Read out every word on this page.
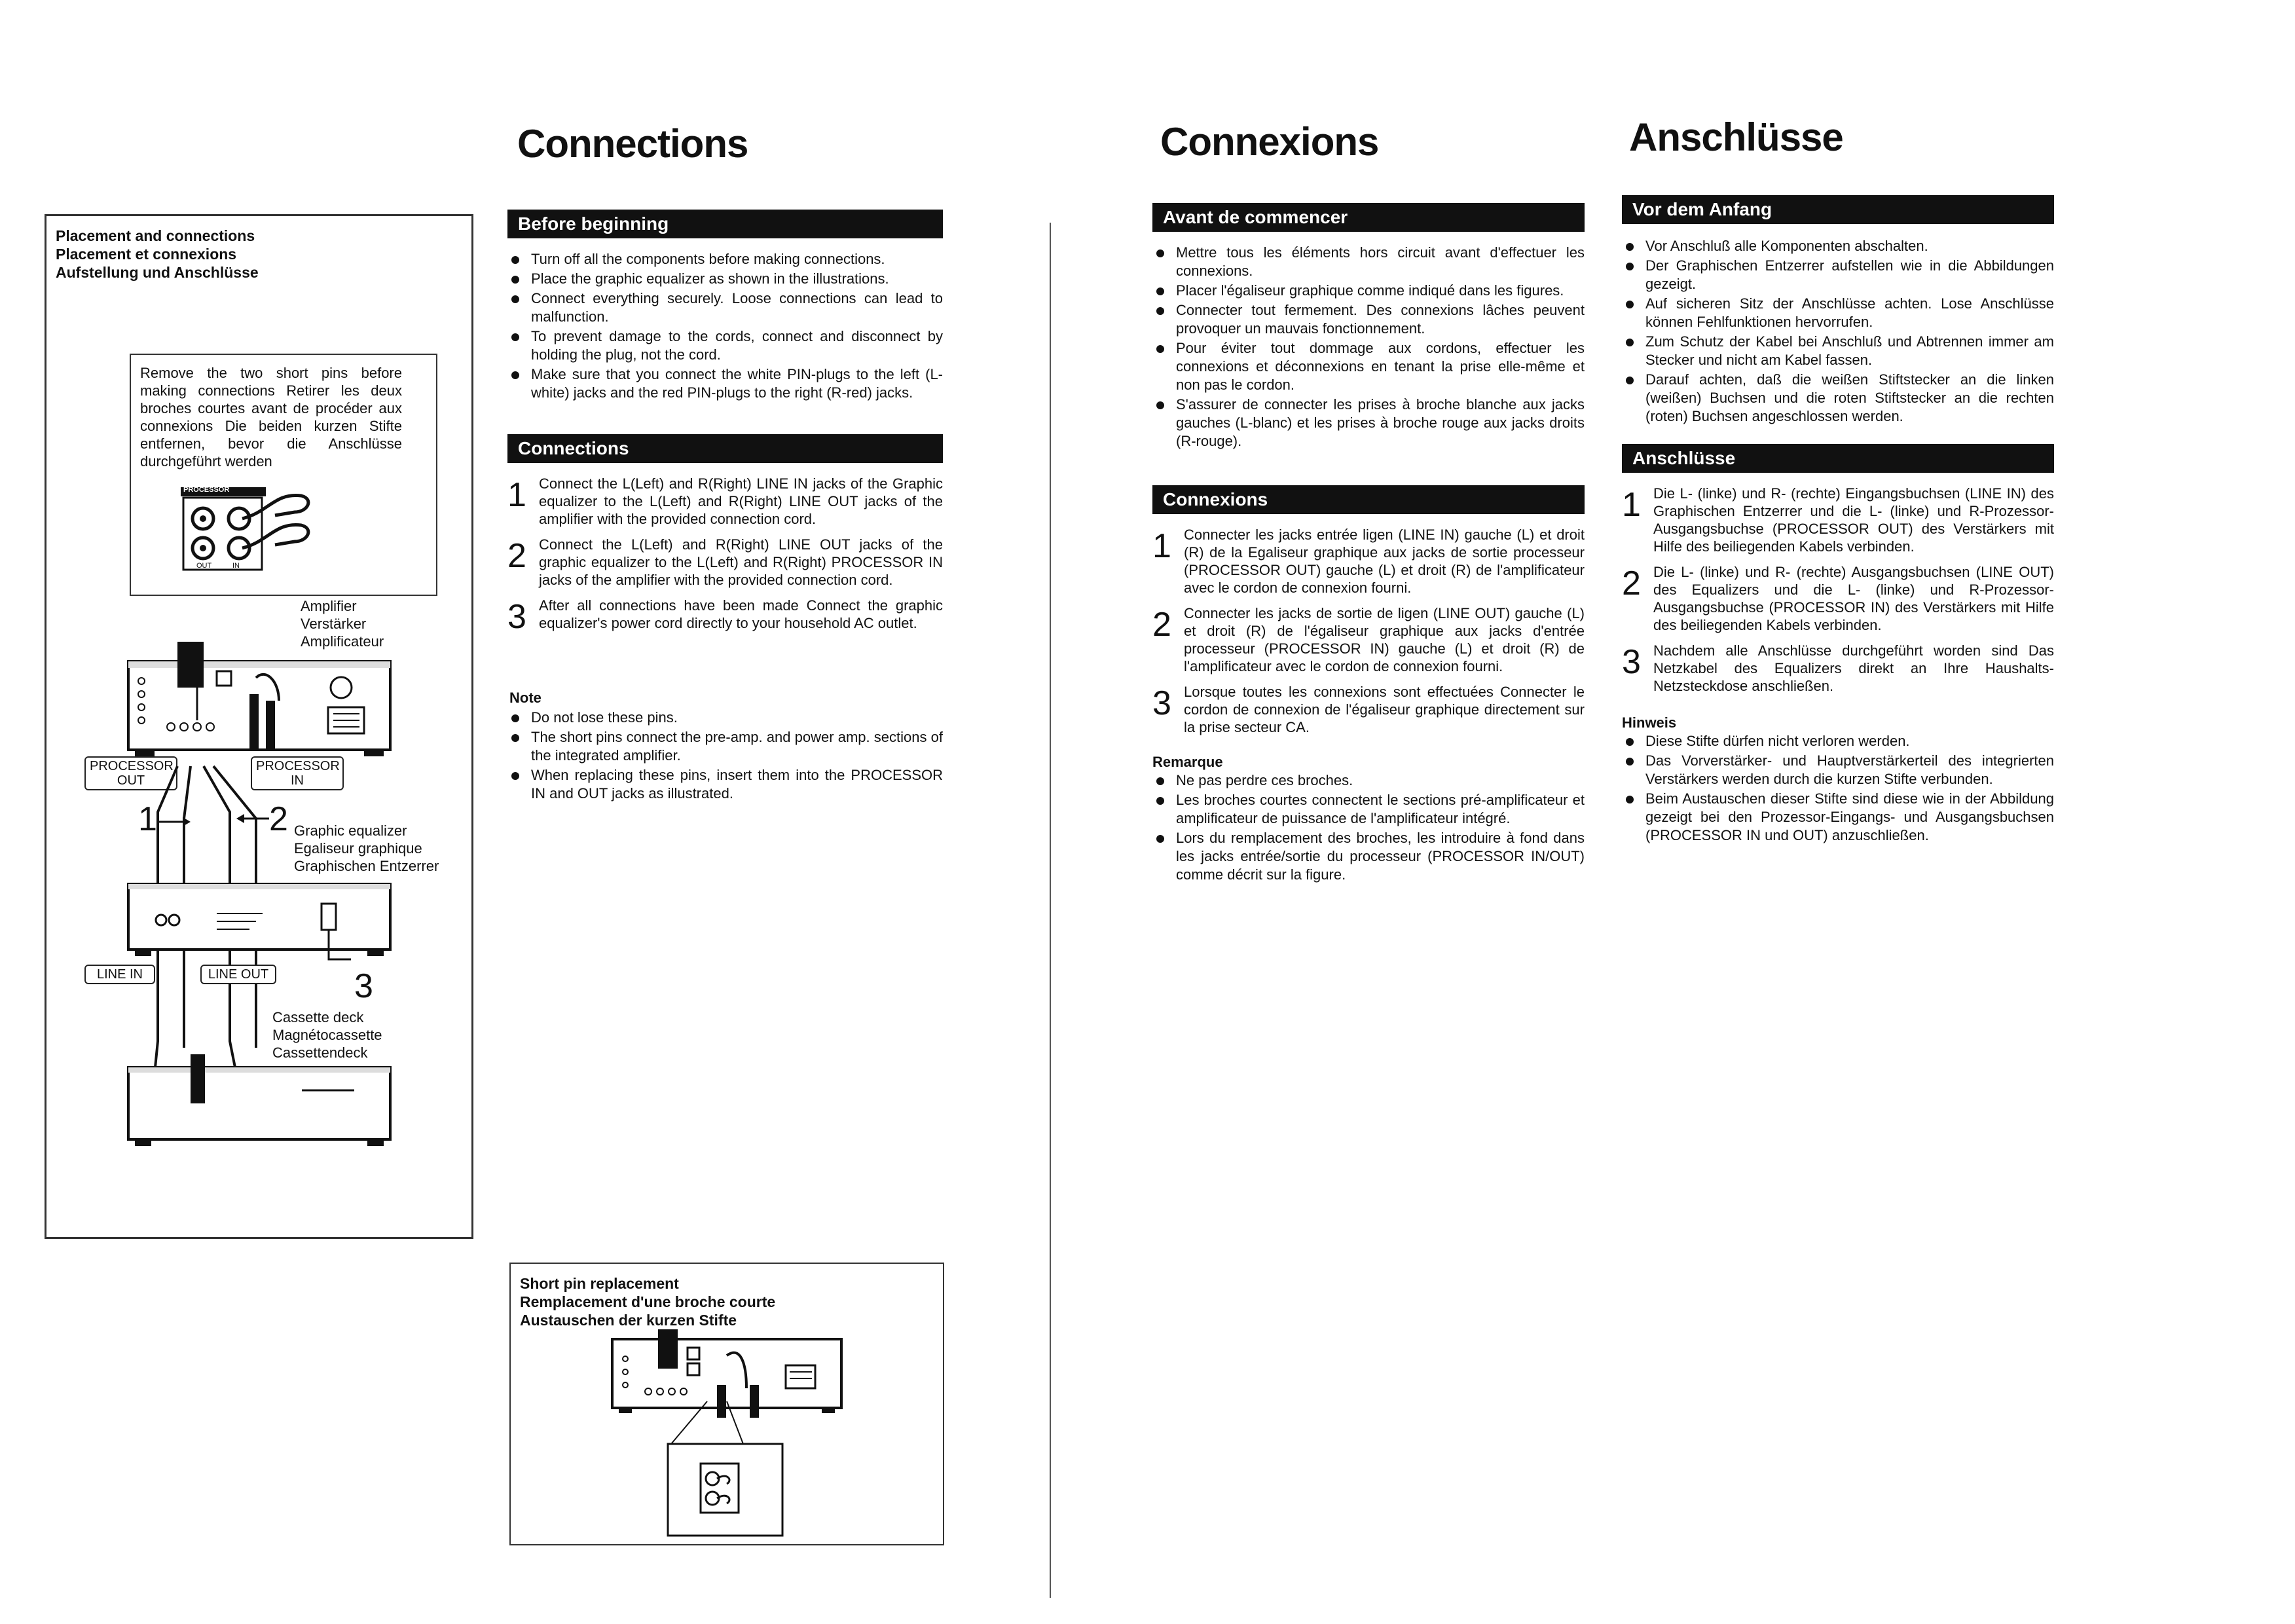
Placement and connections
Placement et connexions
Aufstellung und Anschlüsse
Remove the two short pins before making connections Retirer les deux broches courtes avant de procéder aux connexions Die beiden kurzen Stifte entfernen, bevor die Anschlüsse durchgeführt werden
PROCESSOR
OUT	IN
Amplifier
Verstärker
Amplificateur
PROCESSOR
OUT
PROCESSOR
IN
1	2 Graphic equalizer
Egaliseur graphique
Graphischen Entzerrer
LINE IN	LINE OUT	3
Cassette deck
Magnétocassette
Cassettendeck
Connections
Before beginning
Turn off all the components before making connections.
Place the graphic equalizer as shown in the illustrations.
Connect everything securely. Loose connections can lead to malfunction.
To prevent damage to the cords, connect and disconnect by holding the plug, not the cord.
Make sure that you connect the white PIN-plugs to the left (L-white) jacks and the red PIN-plugs to the right (R-red) jacks.
Connections
1 Connect the L(Left) and R(Right) LINE IN jacks of the Graphic equalizer to the L(Left) and R(Right) LINE OUT jacks of the amplifier with the provided connection cord.
2 Connect the L(Left) and R(Right) LINE OUT jacks of the graphic equalizer to the L(Left) and R(Right) PROCESSOR IN jacks of the amplifier with the provided connection cord.
3 After all connections have been made Connect the graphic equalizer's power cord directly to your household AC outlet.
Note
Do not lose these pins.
The short pins connect the pre-amp. and power amp. sections of the integrated amplifier.
When replacing these pins, insert them into the PROCESSOR IN and OUT jacks as illustrated.
Short pin replacement
Remplacement d'une broche courte
Austauschen der kurzen Stifte
Connexions
Avant de commencer
Mettre tous les éléments hors circuit avant d'effectuer les connexions.
Placer l'égaliseur graphique comme indiqué dans les figures.
Connecter tout fermement. Des connexions lâches peuvent provoquer un mauvais fonctionnement.
Pour éviter tout dommage aux cordons, effectuer les connexions et déconnexions en tenant la prise elle-même et non pas le cordon.
S'assurer de connecter les prises à broche blanche aux jacks gauches (L-blanc) et les prises à broche rouge aux jacks droits (R-rouge).
Connexions
1 Connecter les jacks entrée ligen (LINE IN) gauche (L) et droit (R) de la Egaliseur graphique aux jacks de sortie processeur (PROCESSOR OUT) gauche (L) et droit (R) de l'amplificateur avec le cordon de connexion fourni.
2 Connecter les jacks de sortie de ligen (LINE OUT) gauche (L) et droit (R) de l'égaliseur graphique aux jacks d'entrée processeur (PROCESSOR IN) gauche (L) et droit (R) de l'amplificateur avec le cordon de connexion fourni.
3 Lorsque toutes les connexions sont effectuées Connecter le cordon de connexion de l'égaliseur graphique directement sur la prise secteur CA.
Remarque
Ne pas perdre ces broches.
Les broches courtes connectent le sections pré-amplificateur et amplificateur de puissance de l'amplificateur intégré.
Lors du remplacement des broches, les introduire à fond dans les jacks entrée/sortie du processeur (PROCESSOR IN/OUT) comme décrit sur la figure.
Anschlüsse
Vor dem Anfang
Vor Anschluß alle Komponenten abschalten.
Der Graphischen Entzerrer aufstellen wie in die Abbildungen gezeigt.
Auf sicheren Sitz der Anschlüsse achten. Lose Anschlüsse können Fehlfunktionen hervorrufen.
Zum Schutz der Kabel bei Anschluß und Abtrennen immer am Stecker und nicht am Kabel fassen.
Darauf achten, daß die weißen Stiftstecker an die linken (weißen) Buchsen und die roten Stiftstecker an die rechten (roten) Buchsen angeschlossen werden.
Anschlüsse
1 Die L- (linke) und R- (rechte) Eingangsbuchsen (LINE IN) des Graphischen Entzerrer und die L- (linke) und R-Prozessor-Ausgangsbuchse (PROCESSOR OUT) des Verstärkers mit Hilfe des beiliegenden Kabels verbinden.
2 Die L- (linke) und R- (rechte) Ausgangsbuchsen (LINE OUT) des Equalizers und die L- (linke) und R-Prozessor-Ausgangsbuchse (PROCESSOR IN) des Verstärkers mit Hilfe des beiliegenden Kabels verbinden.
3 Nachdem alle Anschlüsse durchgeführt worden sind Das Netzkabel des Equalizers direkt an Ihre Haushalts-Netzsteckdose anschließen.
Hinweis
Diese Stifte dürfen nicht verloren werden.
Das Vorverstärker- und Hauptverstärkerteil des integrierten Verstärkers werden durch die kurzen Stifte verbunden.
Beim Austauschen dieser Stifte sind diese wie in der Abbildung gezeigt bei den Prozessor-Eingangs- und Ausgangsbuchsen (PROCESSOR IN und OUT) anzuschließen.
